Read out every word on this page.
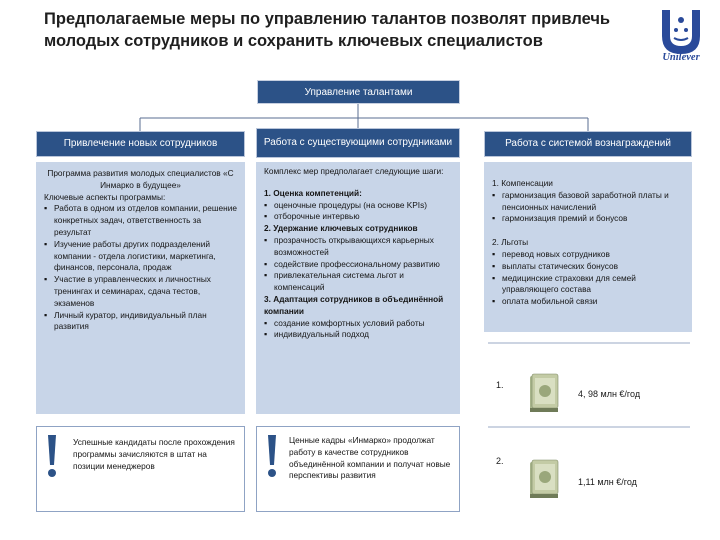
Предполагаемые меры по управлению талантов позволят привлечь молодых сотрудников и сохранить ключевых специалистов
Unilever
Управление талантами
Привлечение новых сотрудников
Программа развития молодых специалистов «С Инмарко в будущее»
Ключевые аспекты программы:
▪ Работа в одном из отделов компании, решение конкретных задач, ответственность за результат
▪ Изучение работы других подразделений компании - отдела логистики, маркетинга, финансов, персонала, продаж
▪ Участие в управленческих и личностных тренингах и семинарах, сдача тестов, экзаменов
▪ Личный куратор, индивидуальный план развития
Успешные кандидаты после прохождения программы зачисляются в штат на позиции менеджеров
Работа с существующими сотрудниками
Комплекс мер предполагает следующие шаги:
1. Оценка компетенций:
▪ оценочные процедуры (на основе KPIs)
▪ отборочные интервью
2. Удержание ключевых сотрудников
▪ прозрачность открывающихся карьерных возможностей
▪ содействие профессиональному развитию
▪ привлекательная система льгот и компенсаций
3. Адаптация сотрудников в объединённой компании
▪ создание комфортных условий работы
▪ индивидуальный подход
Ценные кадры «Инмарко» продолжат работу в качестве сотрудников объединённой компании и получат новые перспективы развития
Работа с системой вознаграждений
1. Компенсации
▪ гармонизация базовой заработной платы и пенсионных начислений
▪ гармонизация премий и бонусов
2. Льготы
▪ перевод новых сотрудников
▪ выплаты статических бонусов
▪ медицинские страховки для семей управляющего состава
▪ оплата мобильной связи
1.
4, 98 млн €/год
2.
1,11 млн €/год
